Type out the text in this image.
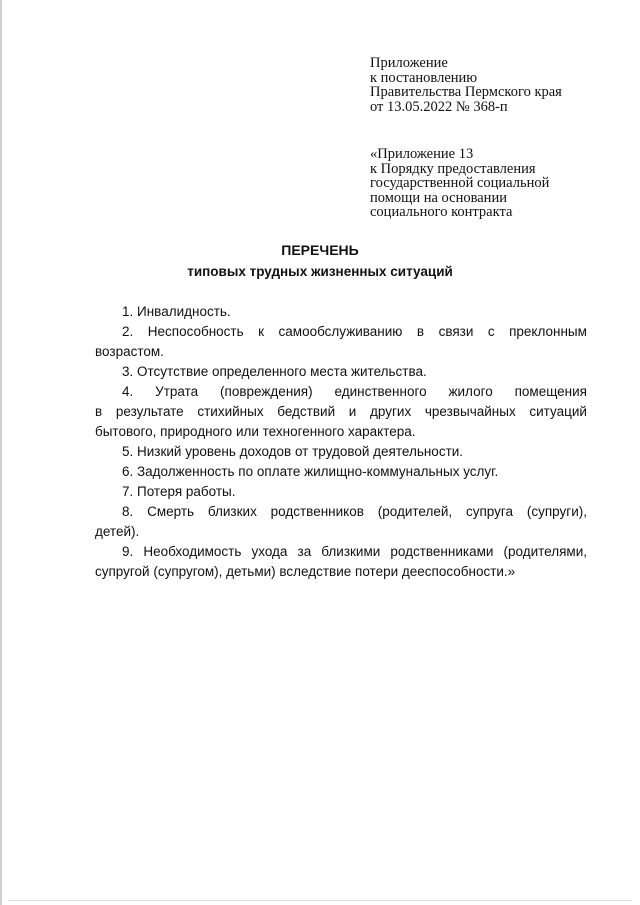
Приложение
к постановлению
Правительства Пермского края
от 13.05.2022 № 368-п
«Приложение 13
к Порядку предоставления
государственной социальной
помощи на основании
социального контракта
ПЕРЕЧЕНЬ
типовых трудных жизненных ситуаций
1. Инвалидность.
2. Неспособность к самообслуживанию в связи с преклонным
возрастом.
3. Отсутствие определенного места жительства.
4. Утрата (повреждения) единственного жилого помещения
в результате стихийных бедствий и других чрезвычайных ситуаций
бытового, природного или техногенного характера.
5. Низкий уровень доходов от трудовой деятельности.
6. Задолженность по оплате жилищно-коммунальных услуг.
7. Потеря работы.
8. Смерть близких родственников (родителей, супруга (супруги),
детей).
9. Необходимость ухода за близкими родственниками (родителями,
супругой (супругом), детьми) вследствие потери дееспособности.»
